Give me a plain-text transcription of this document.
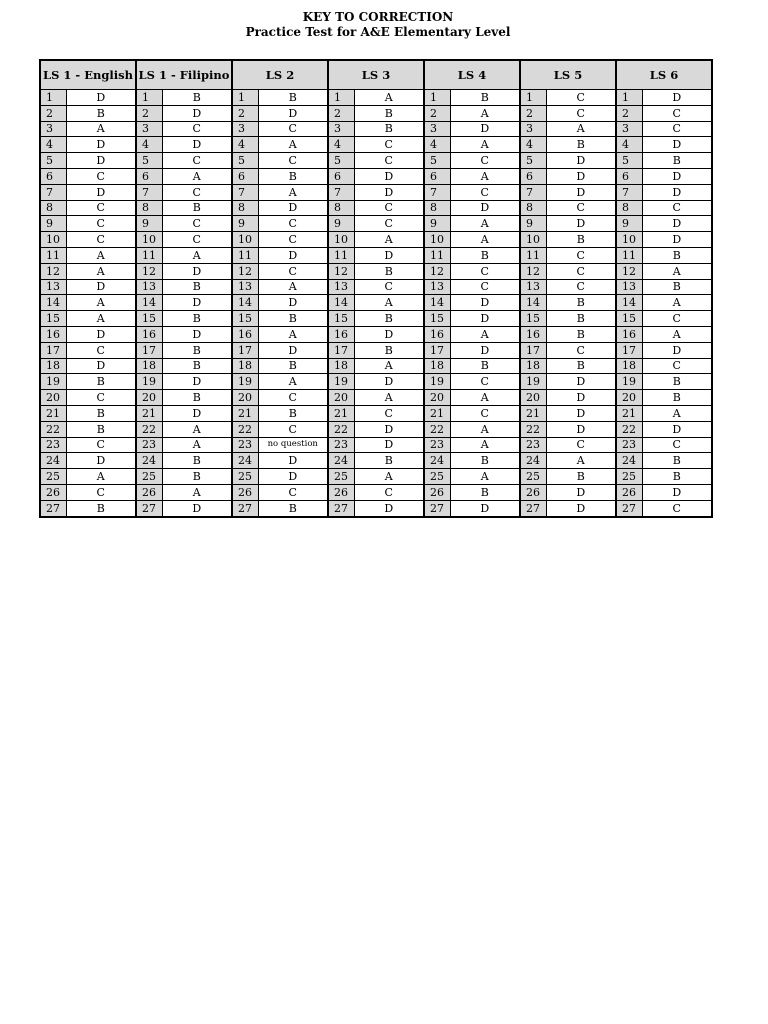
KEY TO CORRECTION
Practice Test for A&E Elementary Level
LS 1 - English		LS 1 - Filipino		LS 2		LS 3		LS 4		LS 5		LS 6	
1	D	1	B	1	B	1	A	1	B	1	C	1	D
2	B	2	D	2	D	2	B	2	A	2	C	2	C
3	A	3	C	3	C	3	B	3	D	3	A	3	C
4	D	4	D	4	A	4	C	4	A	4	B	4	D
5	D	5	C	5	C	5	C	5	C	5	D	5	B
6	C	6	A	6	B	6	D	6	A	6	D	6	D
7	D	7	C	7	A	7	D	7	C	7	D	7	D
8	C	8	B	8	D	8	C	8	D	8	C	8	C
9	C	9	C	9	C	9	C	9	A	9	D	9	D
10	C	10	C	10	C	10	A	10	A	10	B	10	D
11	A	11	A	11	D	11	D	11	B	11	C	11	B
12	A	12	D	12	C	12	B	12	C	12	C	12	A
13	D	13	B	13	A	13	C	13	C	13	C	13	B
14	A	14	D	14	D	14	A	14	D	14	B	14	A
15	A	15	B	15	B	15	B	15	D	15	B	15	C
16	D	16	D	16	A	16	D	16	A	16	B	16	A
17	C	17	B	17	D	17	B	17	D	17	C	17	D
18	D	18	B	18	B	18	A	18	B	18	B	18	C
19	B	19	D	19	A	19	D	19	C	19	D	19	B
20	C	20	B	20	C	20	A	20	A	20	D	20	B
21	B	21	D	21	B	21	C	21	C	21	D	21	A
22	B	22	A	22	C	22	D	22	A	22	D	22	D
23	C	23	A	23	no question	23	D	23	A	23	C	23	C
24	D	24	B	24	D	24	B	24	B	24	A	24	B
25	A	25	B	25	D	25	A	25	A	25	B	25	B
26	C	26	A	26	C	26	C	26	B	26	D	26	D
27	B	27	D	27	B	27	D	27	D	27	D	27	C
